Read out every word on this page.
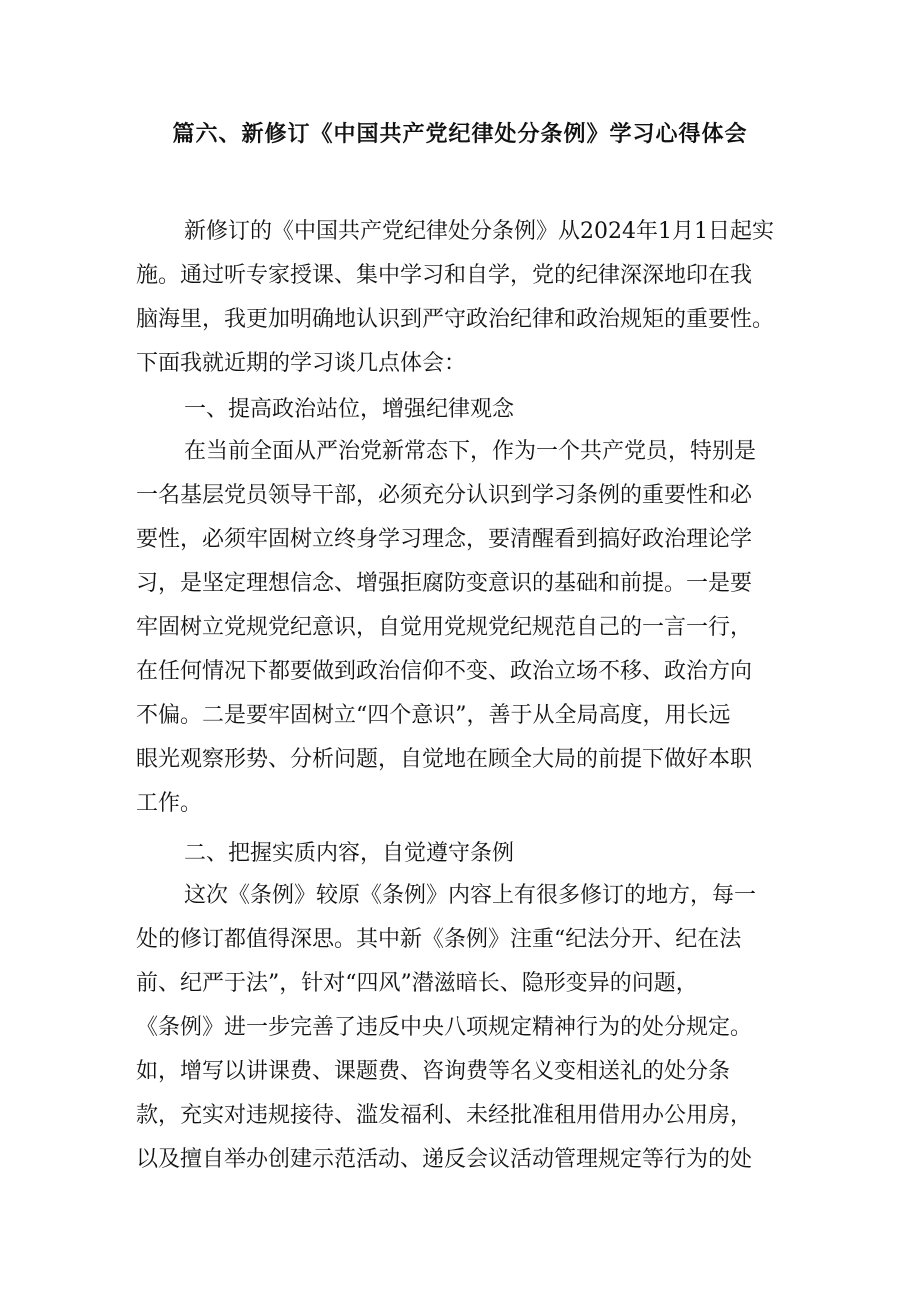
篇六、新修订《中国共产党纪律处分条例》学习心得体会
新修订的《中国共产党纪律处分条例》从2024年1月1日起实
施。通过听专家授课、集中学习和自学，党的纪律深深地印在我
脑海里，我更加明确地认识到严守政治纪律和政治规矩的重要性。
下面我就近期的学习谈几点体会：
一、提高政治站位，增强纪律观念
在当前全面从严治党新常态下，作为一个共产党员，特别是
一名基层党员领导干部，必须充分认识到学习条例的重要性和必
要性，必须牢固树立终身学习理念，要清醒看到搞好政治理论学
习，是坚定理想信念、增强拒腐防变意识的基础和前提。一是要
牢固树立党规党纪意识，自觉用党规党纪规范自己的一言一行，
在任何情况下都要做到政治信仰不变、政治立场不移、政治方向
不偏。二是要牢固树立“四个意识”，善于从全局高度，用长远
眼光观察形势、分析问题，自觉地在顾全大局的前提下做好本职
工作。
二、把握实质内容，自觉遵守条例
这次《条例》较原《条例》内容上有很多修订的地方，每一
处的修订都值得深思。其中新《条例》注重“纪法分开、纪在法
前、纪严于法”，针对“四风”潜滋暗长、隐形变异的问题，
《条例》进一步完善了违反中央八项规定精神行为的处分规定。
如，增写以讲课费、课题费、咨询费等名义变相送礼的处分条
款，充实对违规接待、滥发福利、未经批准租用借用办公用房，
以及擅自举办创建示范活动、递反会议活动管理规定等行为的处
